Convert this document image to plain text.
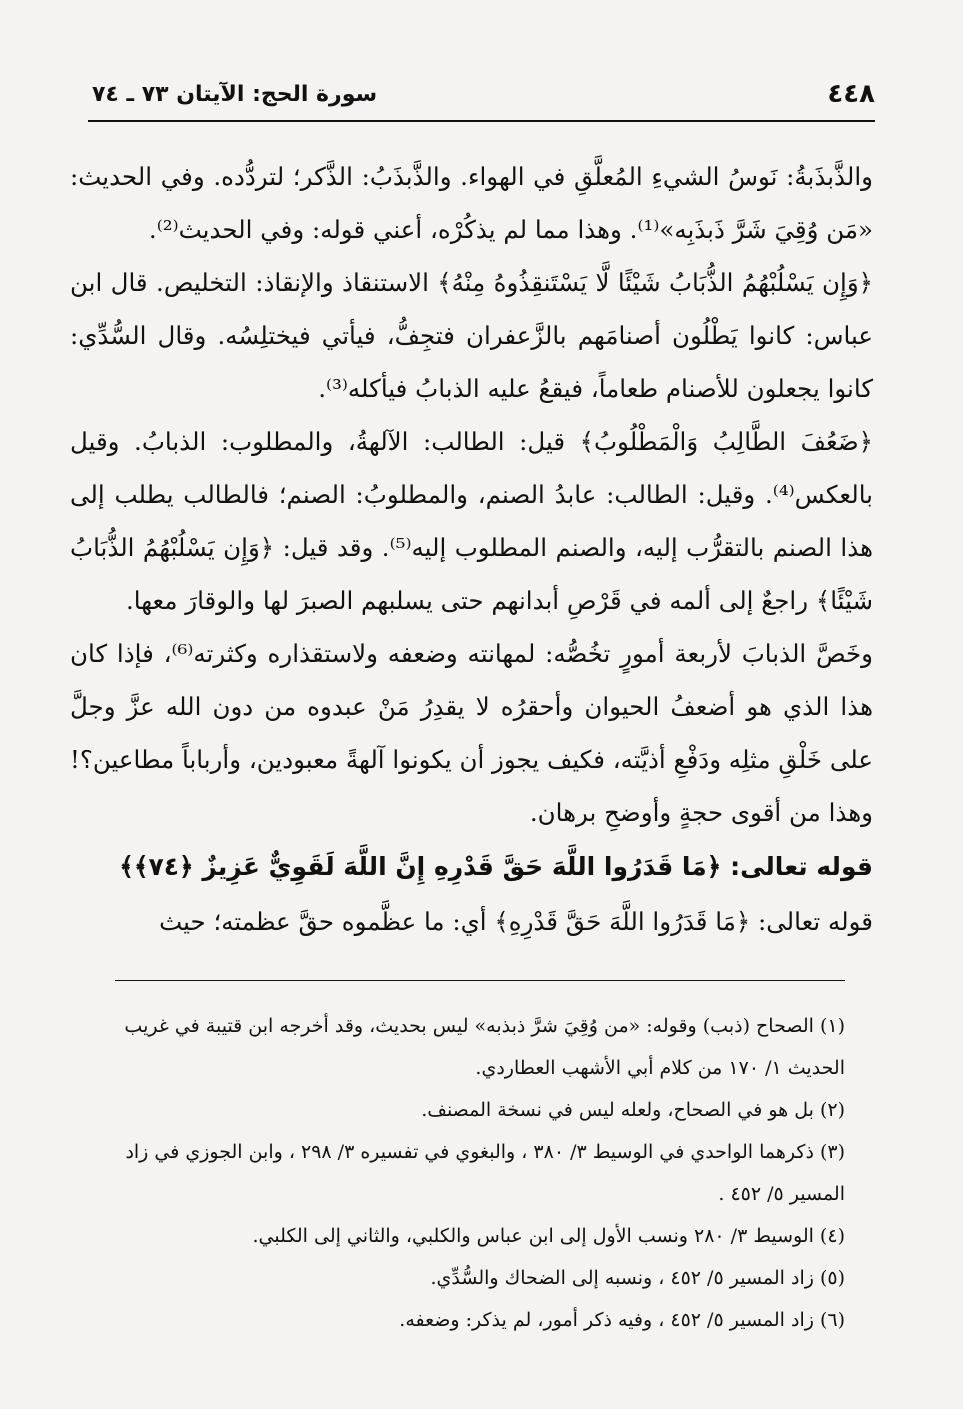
٤٤٨
سورة الحج: الآيتان ٧٣ ـ ٧٤

والذَّبذَبةُ: نَوسُ الشيءِ المُعلَّقِ في الهواء. والذَّبذَبُ: الذَّكر؛ لتردُّده. وفي الحديث: «مَن وُقِيَ شَرَّ ذَبذَبِه»⁽¹⁾. وهذا مما لم يذكُرْه، أعني قوله: وفي الحديث⁽²⁾.

﴿وَإِن يَسْلُبْهُمُ الذُّبَابُ شَيْئًا لَّا يَسْتَنقِذُوهُ مِنْهُ﴾ الاستنقاذ والإنقاذ: التخليص. قال ابن عباس: كانوا يَطْلُون أصنامَهم بالزَّعفران فتجِفُّ، فيأتي فيختلِسُه. وقال السُّدِّي: كانوا يجعلون للأصنام طعاماً، فيقعُ عليه الذبابُ فيأكله⁽³⁾.

﴿ضَعُفَ الطَّالِبُ وَالْمَطْلُوبُ﴾ قيل: الطالب: الآلهةُ، والمطلوب: الذبابُ. وقيل بالعكس⁽⁴⁾. وقيل: الطالب: عابدُ الصنم، والمطلوبُ: الصنم؛ فالطالب يطلب إلى هذا الصنم بالتقرُّب إليه، والصنم المطلوب إليه⁽⁵⁾. وقد قيل: ﴿وَإِن يَسْلُبْهُمُ الذُّبَابُ شَيْئًا﴾ راجعٌ إلى ألمه في قَرْصِ أبدانهم حتى يسلبهم الصبرَ لها والوقارَ معها.

وخَصَّ الذبابَ لأربعة أمورٍ تخُصُّه: لمهانته وضعفه ولاستقذاره وكثرته⁽⁶⁾، فإذا كان هذا الذي هو أضعفُ الحيوان وأحقرُه لا يقدِرُ مَنْ عبدوه من دون الله عزَّ وجلَّ على خَلْقِ مثلِه ودَفْعِ أذيَّته، فكيف يجوز أن يكونوا آلهةً معبودين، وأرباباً مطاعين؟! وهذا من أقوى حجةٍ وأوضحِ برهان.

قوله تعالى: ﴿مَا قَدَرُوا اللَّهَ حَقَّ قَدْرِهِ إِنَّ اللَّهَ لَقَوِيٌّ عَزِيزٌ ﴿٧٤﴾﴾

قوله تعالى: ﴿مَا قَدَرُوا اللَّهَ حَقَّ قَدْرِهِ﴾ أي: ما عظَّموه حقَّ عظمته؛ حيث

(١) الصحاح (ذبب) وقوله: «من وُقِيَ شرَّ ذبذبه» ليس بحديث، وقد أخرجه ابن قتيبة في غريب الحديث ١/ ١٧٠ من كلام أبي الأشهب العطاردي.

(٢) بل هو في الصحاح، ولعله ليس في نسخة المصنف.

(٣) ذكرهما الواحدي في الوسيط ٣/ ٣٨٠ ، والبغوي في تفسيره ٣/ ٢٩٨ ، وابن الجوزي في زاد المسير ٥/ ٤٥٢ .

(٤) الوسيط ٣/ ٢٨٠ ونسب الأول إلى ابن عباس والكلبي، والثاني إلى الكلبي.

(٥) زاد المسير ٥/ ٤٥٢ ، ونسبه إلى الضحاك والسُّدِّي.

(٦) زاد المسير ٥/ ٤٥٢ ، وفيه ذكر أمور، لم يذكر: وضعفه.
